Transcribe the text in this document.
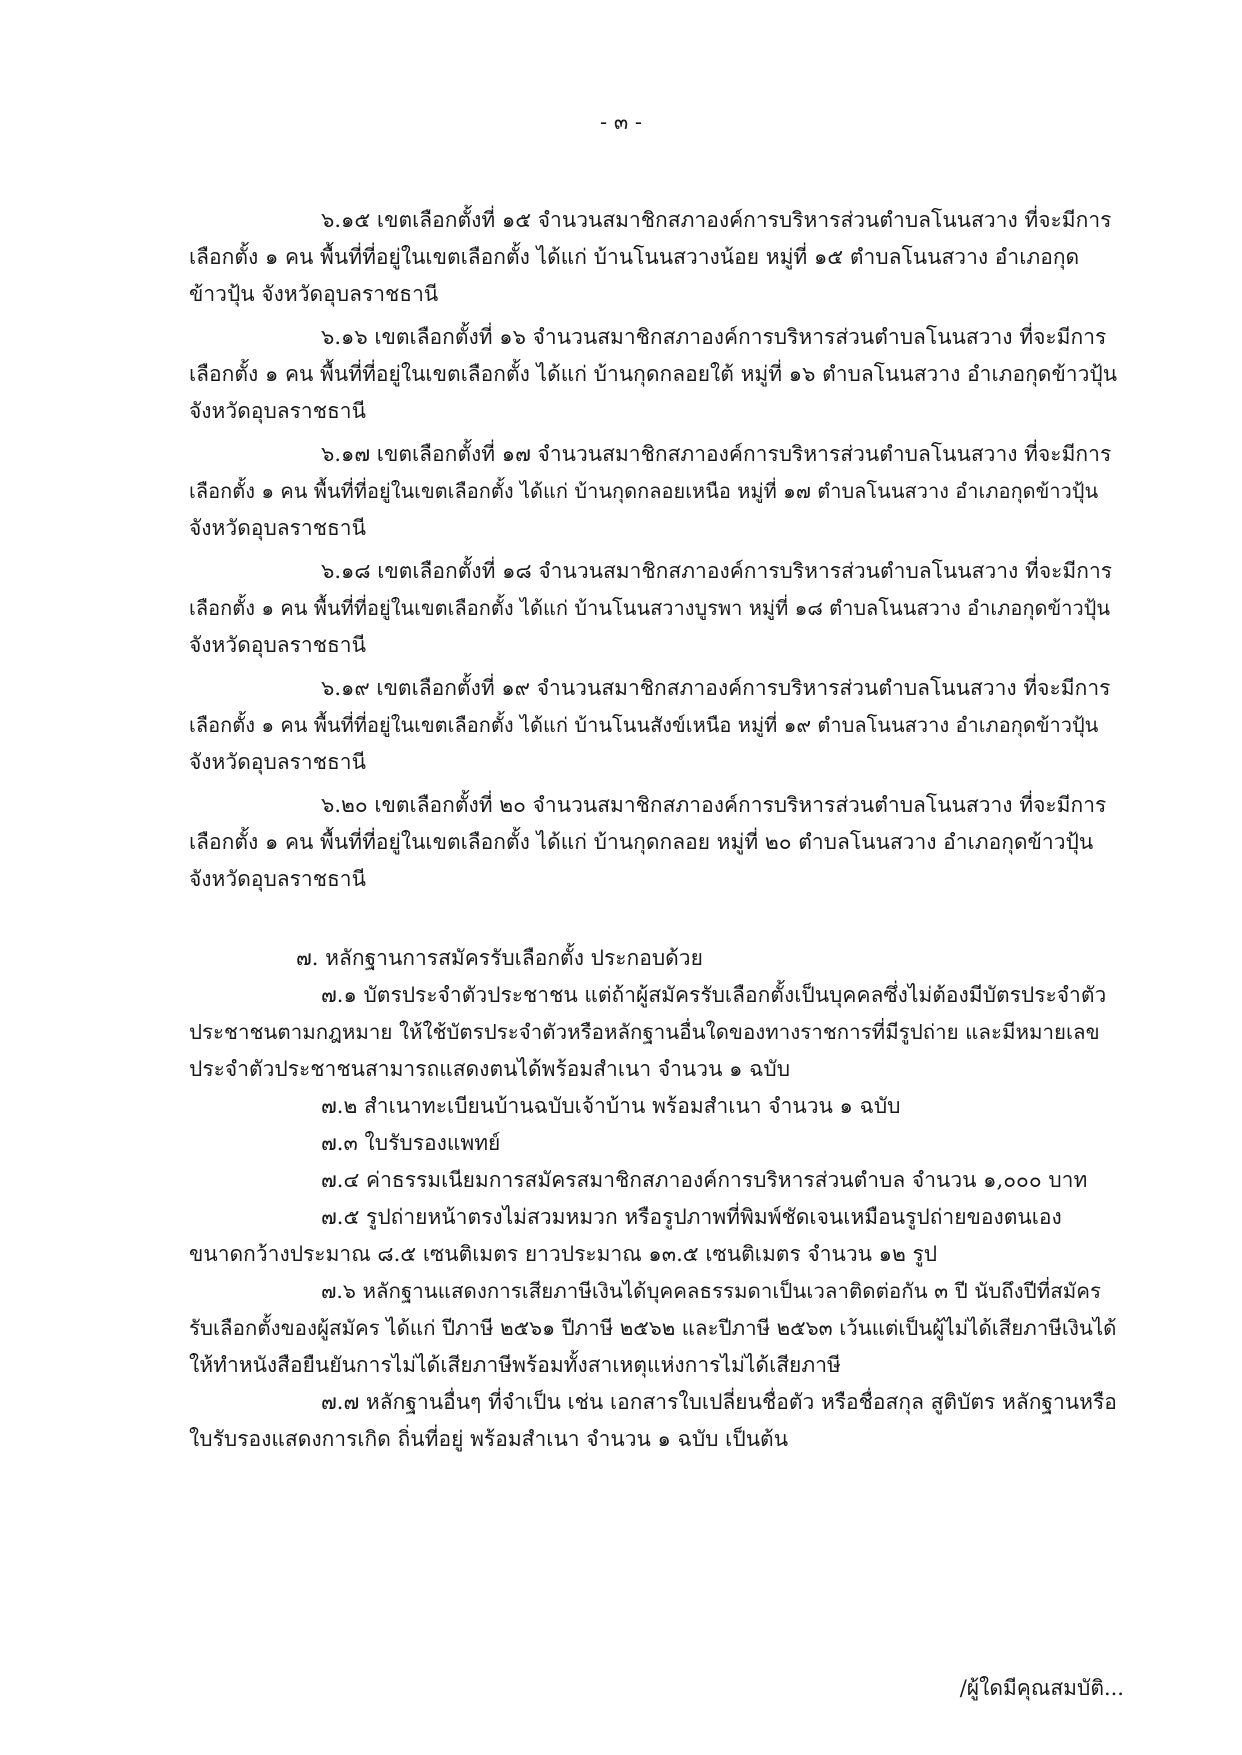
- ๓ -
๖.๑๕ เขตเลือกตั้งที่ ๑๕ จำนวนสมาชิกสภาองค์การบริหารส่วนตำบลโนนสวาง ที่จะมีการ
เลือกตั้ง ๑ คน พื้นที่ที่อยู่ในเขตเลือกตั้ง ได้แก่ บ้านโนนสวางน้อย หมู่ที่ ๑๕ ตำบลโนนสวาง อำเภอกุด
ข้าวปุ้น จังหวัดอุบลราชธานี
๖.๑๖ เขตเลือกตั้งที่ ๑๖ จำนวนสมาชิกสภาองค์การบริหารส่วนตำบลโนนสวาง ที่จะมีการ
เลือกตั้ง ๑ คน พื้นที่ที่อยู่ในเขตเลือกตั้ง ได้แก่ บ้านกุดกลอยใต้ หมู่ที่ ๑๖ ตำบลโนนสวาง อำเภอกุดข้าวปุ้น
จังหวัดอุบลราชธานี
๖.๑๗ เขตเลือกตั้งที่ ๑๗ จำนวนสมาชิกสภาองค์การบริหารส่วนตำบลโนนสวาง ที่จะมีการ
เลือกตั้ง ๑ คน พื้นที่ที่อยู่ในเขตเลือกตั้ง ได้แก่ บ้านกุดกลอยเหนือ หมู่ที่ ๑๗ ตำบลโนนสวาง อำเภอกุดข้าวปุ้น
จังหวัดอุบลราชธานี
๖.๑๘ เขตเลือกตั้งที่ ๑๘ จำนวนสมาชิกสภาองค์การบริหารส่วนตำบลโนนสวาง ที่จะมีการ
เลือกตั้ง ๑ คน พื้นที่ที่อยู่ในเขตเลือกตั้ง ได้แก่ บ้านโนนสวางบูรพา หมู่ที่ ๑๘ ตำบลโนนสวาง อำเภอกุดข้าวปุ้น
จังหวัดอุบลราชธานี
๖.๑๙ เขตเลือกตั้งที่ ๑๙ จำนวนสมาชิกสภาองค์การบริหารส่วนตำบลโนนสวาง ที่จะมีการ
เลือกตั้ง ๑ คน พื้นที่ที่อยู่ในเขตเลือกตั้ง ได้แก่ บ้านโนนสังข์เหนือ หมู่ที่ ๑๙ ตำบลโนนสวาง อำเภอกุดข้าวปุ้น
จังหวัดอุบลราชธานี
๖.๒๐ เขตเลือกตั้งที่ ๒๐ จำนวนสมาชิกสภาองค์การบริหารส่วนตำบลโนนสวาง ที่จะมีการ
เลือกตั้ง ๑ คน พื้นที่ที่อยู่ในเขตเลือกตั้ง ได้แก่ บ้านกุดกลอย หมู่ที่ ๒๐ ตำบลโนนสวาง อำเภอกุดข้าวปุ้น
จังหวัดอุบลราชธานี
๗. หลักฐานการสมัครรับเลือกตั้ง ประกอบด้วย
๗.๑ บัตรประจำตัวประชาชน แต่ถ้าผู้สมัครรับเลือกตั้งเป็นบุคคลซึ่งไม่ต้องมีบัตรประจำตัว
ประชาชนตามกฎหมาย ให้ใช้บัตรประจำตัวหรือหลักฐานอื่นใดของทางราชการที่มีรูปถ่าย และมีหมายเลข
ประจำตัวประชาชนสามารถแสดงตนได้พร้อมสำเนา จำนวน ๑ ฉบับ
๗.๒ สำเนาทะเบียนบ้านฉบับเจ้าบ้าน พร้อมสำเนา จำนวน ๑ ฉบับ
๗.๓ ใบรับรองแพทย์
๗.๔ ค่าธรรมเนียมการสมัครสมาชิกสภาองค์การบริหารส่วนตำบล จำนวน ๑,๐๐๐ บาท
๗.๕ รูปถ่ายหน้าตรงไม่สวมหมวก หรือรูปภาพที่พิมพ์ชัดเจนเหมือนรูปถ่ายของตนเอง
ขนาดกว้างประมาณ ๘.๕ เซนติเมตร ยาวประมาณ ๑๓.๕ เซนติเมตร จำนวน ๑๒ รูป
๗.๖ หลักฐานแสดงการเสียภาษีเงินได้บุคคลธรรมดาเป็นเวลาติดต่อกัน ๓ ปี นับถึงปีที่สมัคร
รับเลือกตั้งของผู้สมัคร ได้แก่ ปีภาษี ๒๕๖๑ ปีภาษี ๒๕๖๒ และปีภาษี ๒๕๖๓ เว้นแต่เป็นผู้ไม่ได้เสียภาษีเงินได้
ให้ทำหนังสือยืนยันการไม่ได้เสียภาษีพร้อมทั้งสาเหตุแห่งการไม่ได้เสียภาษี
๗.๗ หลักฐานอื่นๆ ที่จำเป็น เช่น เอกสารใบเปลี่ยนชื่อตัว หรือชื่อสกุล สูติบัตร หลักฐานหรือ
ใบรับรองแสดงการเกิด ถิ่นที่อยู่ พร้อมสำเนา จำนวน ๑ ฉบับ เป็นต้น
/ผู้ใดมีคุณสมบัติ...
